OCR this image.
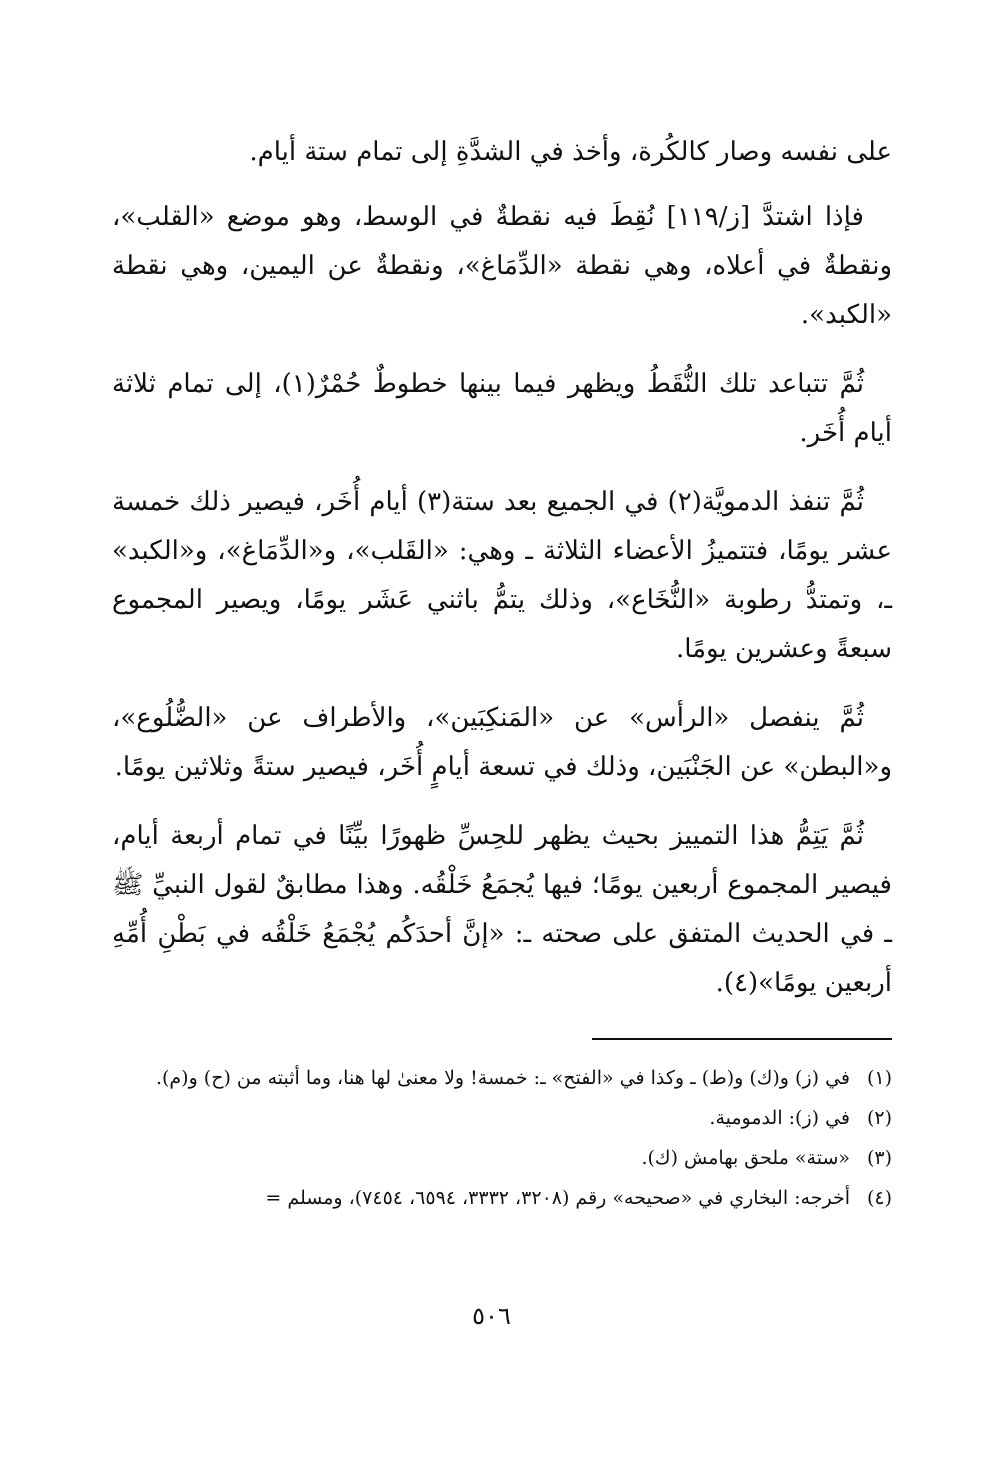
على نفسه وصار كالكُرة، وأخذ في الشدَّةِ إلى تمام ستة أيام.

فإذا اشتدَّ [ز/١١٩] نُقِطَ فيه نقطةٌ في الوسط، وهو موضع «القلب»، ونقطةٌ في أعلاه، وهي نقطة «الدِّمَاغ»، ونقطةٌ عن اليمين، وهي نقطة «الكبد».

ثُمَّ تتباعد تلك النُّقَطُ ويظهر فيما بينها خطوطٌ حُمْرٌ(١)، إلى تمام ثلاثة أيام أُخَر.

ثُمَّ تنفذ الدمويَّة(٢) في الجميع بعد ستة(٣) أيام أُخَر، فيصير ذلك خمسة عشر يومًا، فتتميزُ الأعضاء الثلاثة ـ وهي: «القَلب»، و«الدِّمَاغ»، و«الكبد» ـ، وتمتدُّ رطوبة «النُّخَاع»، وذلك يتمُّ باثني عَشَر يومًا، ويصير المجموع سبعةً وعشرين يومًا.

ثُمَّ ينفصل «الرأس» عن «المَنكِبَين»، والأطراف عن «الضُّلُوع»، و«البطن» عن الجَنْبَين، وذلك في تسعة أيامٍ أُخَر، فيصير ستةً وثلاثين يومًا.

ثُمَّ يَتِمُّ هذا التمييز بحيث يظهر للحِسِّ ظهورًا بيِّنًا في تمام أربعة أيام، فيصير المجموع أربعين يومًا؛ فيها يُجمَعُ خَلْقُه. وهذا مطابقٌ لقول النبيِّ ﷺ ـ في الحديث المتفق على صحته ـ: «إنَّ أحدَكُم يُجْمَعُ خَلْقُه في بَطْنِ أُمِّهِ أربعين يومًا»(٤).

(١)
في (ز) و(ك) و(ط) ـ وكذا في «الفتح» ـ: خمسة! ولا معنىٰ لها هنا، وما أثبته من (ح) و(م).
(٢)
في (ز): الدمومية.
(٣)
«ستة» ملحق بهامش (ك).
(٤)
أخرجه: البخاري في «صحيحه» رقم (٣٢٠٨، ٣٣٣٢، ٦٥٩٤، ٧٤٥٤)، ومسلم =
٥٠٦
